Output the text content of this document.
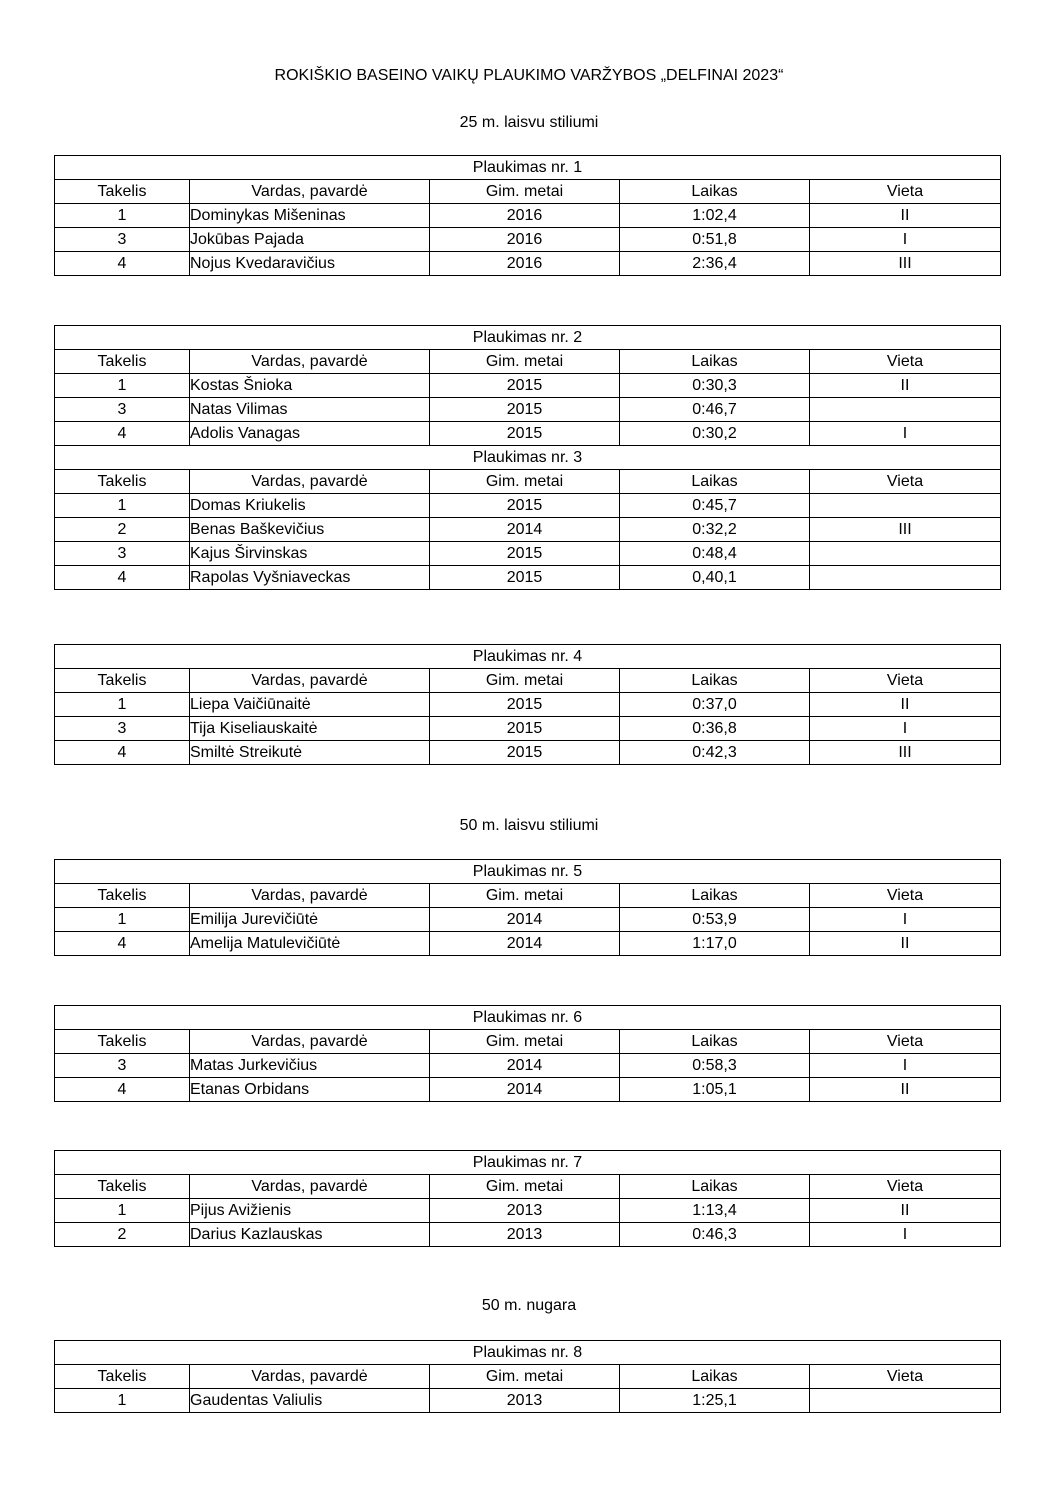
ROKIŠKIO BASEINO VAIKŲ PLAUKIMO VARŽYBOS „DELFINAI 2023“
25 m. laisvu stiliumi
Plaukimas nr. 1				
Takelis	Vardas, pavardė	Gim. metai	Laikas	Vieta
1	Dominykas Mišeninas	2016	1:02,4	II
3	Jokūbas Pajada	2016	0:51,8	I
4	Nojus Kvedaravičius	2016	2:36,4	III
Plaukimas nr. 2				
Takelis	Vardas, pavardė	Gim. metai	Laikas	Vieta
1	Kostas Šnioka	2015	0:30,3	II
3	Natas Vilimas	2015	0:46,7	
4	Adolis Vanagas	2015	0:30,2	I
Plaukimas nr. 3				
Takelis	Vardas, pavardė	Gim. metai	Laikas	Vieta
1	Domas Kriukelis	2015	0:45,7	
2	Benas Baškevičius	2014	0:32,2	III
3	Kajus Širvinskas	2015	0:48,4	
4	Rapolas Vyšniaveckas	2015	0,40,1	
Plaukimas nr. 4				
Takelis	Vardas, pavardė	Gim. metai	Laikas	Vieta
1	Liepa Vaičiūnaitė	2015	0:37,0	II
3	Tija Kiseliauskaitė	2015	0:36,8	I
4	Smiltė Streikutė	2015	0:42,3	III
50 m. laisvu stiliumi
Plaukimas nr. 5				
Takelis	Vardas, pavardė	Gim. metai	Laikas	Vieta
1	Emilija Jurevičiūtė	2014	0:53,9	I
4	Amelija Matulevičiūtė	2014	1:17,0	II
Plaukimas nr. 6				
Takelis	Vardas, pavardė	Gim. metai	Laikas	Vieta
3	Matas Jurkevičius	2014	0:58,3	I
4	Etanas Orbidans	2014	1:05,1	II
Plaukimas nr. 7				
Takelis	Vardas, pavardė	Gim. metai	Laikas	Vieta
1	Pijus Avižienis	2013	1:13,4	II
2	Darius Kazlauskas	2013	0:46,3	I
50 m. nugara
Plaukimas nr. 8				
Takelis	Vardas, pavardė	Gim. metai	Laikas	Vieta
1	Gaudentas Valiulis	2013	1:25,1	
